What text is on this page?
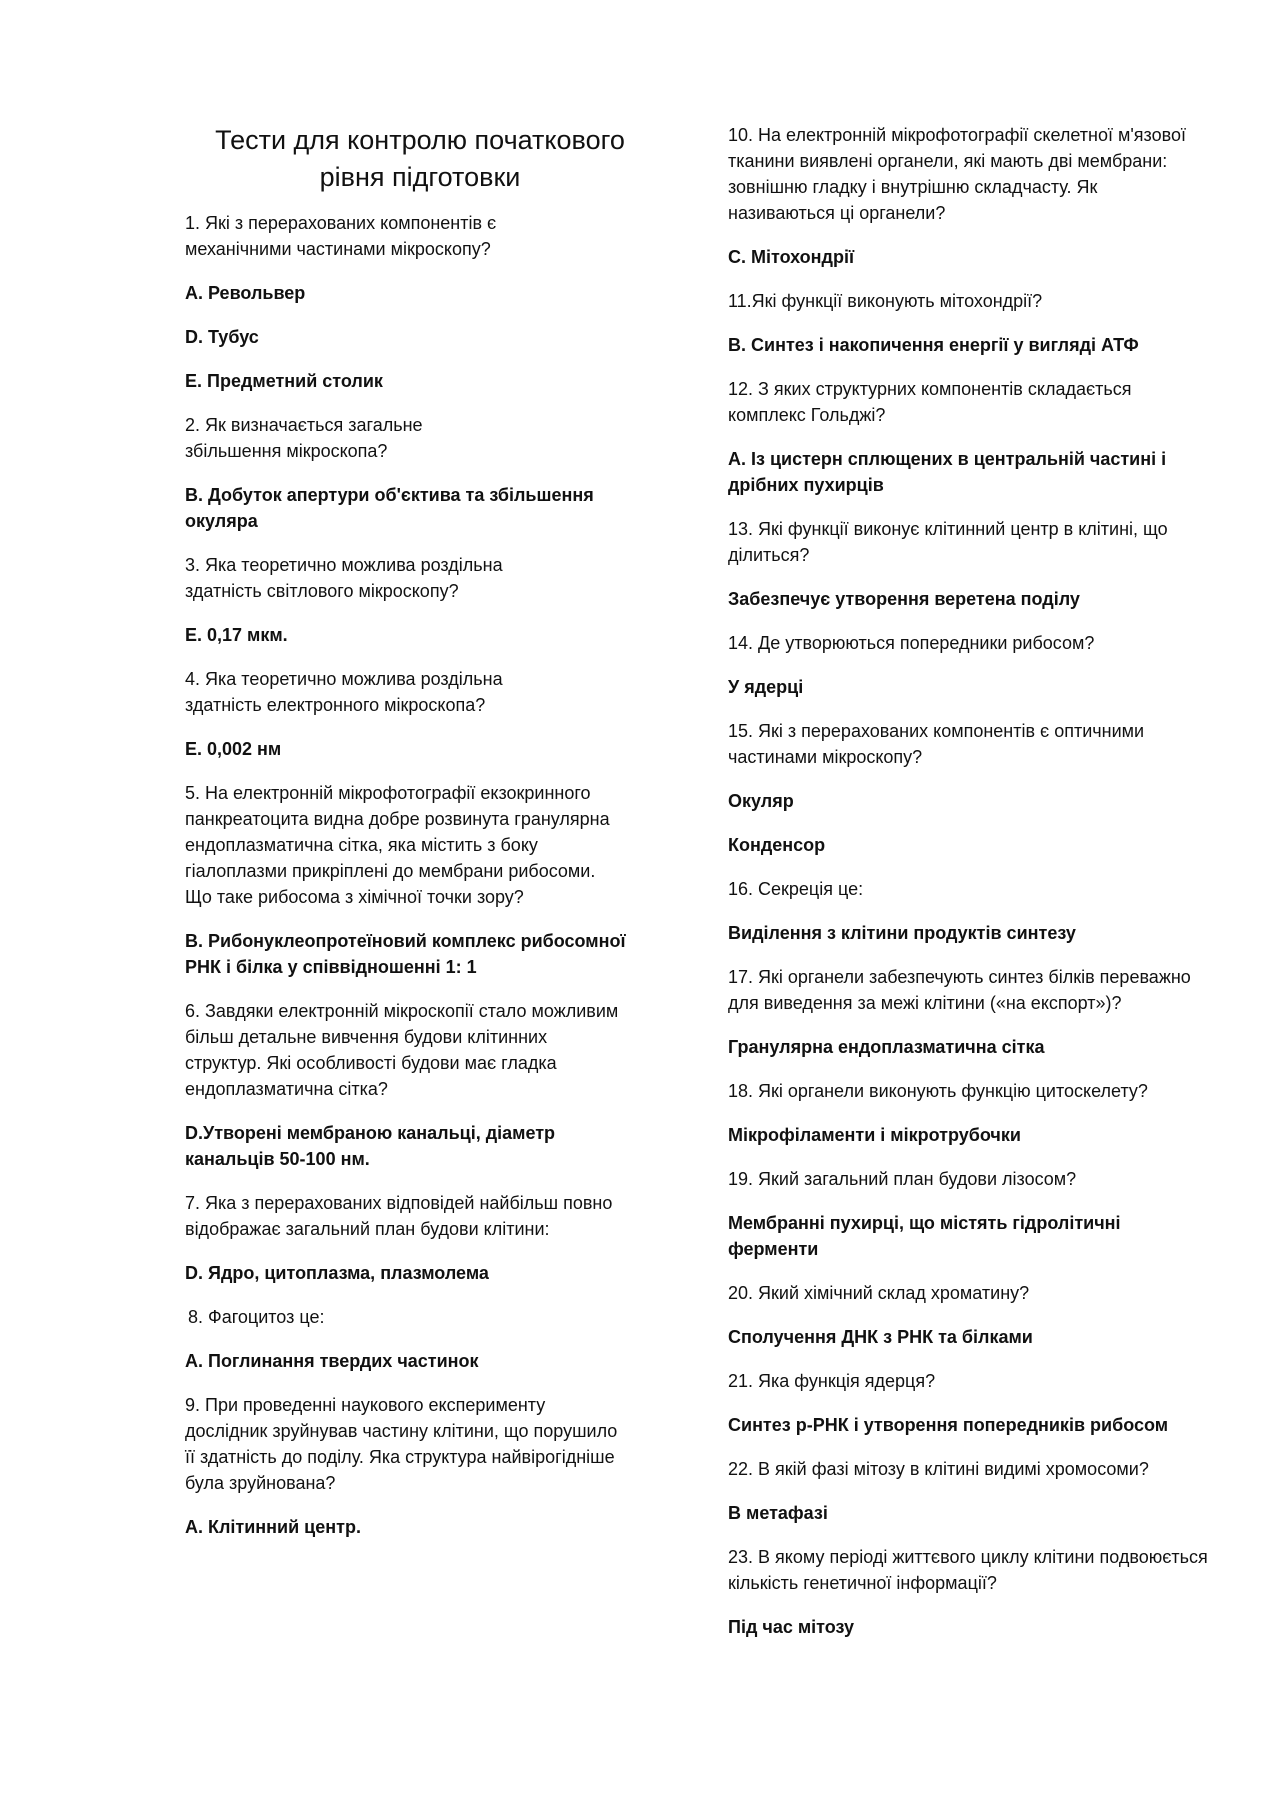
Тести для контролю початкового рівня підготовки
1. Які з перерахованих компонентів є механічними частинами мікроскопу?
A. Револьвер
D. Тубус
E. Предметний столик
2. Як визначається загальне збільшення мікроскопа?
B. Добуток апертури об'єктива та збільшення окуляра
3. Яка теоретично можлива роздільна здатність світлового мікроскопу?
E. 0,17 мкм.
4. Яка теоретично можлива роздільна здатність електронного мікроскопа?
E. 0,002 нм
5. На електронній мікрофотографії екзокринного панкреатоцита видна добре розвинута гранулярна ендоплазматична сітка, яка містить з боку гіалоплазми прикріплені до мембрани рибосоми. Що таке рибосома з хімічної точки зору?
B. Рибонуклеопротеїновий комплекс рибосомної РНК і білка у співвідношенні 1: 1
6. Завдяки електронній мікроскопії стало можливим більш детальне вивчення будови клітинних структур. Які особливості будови має гладка ендоплазматична сітка?
D.Утворені мембраною канальці, діаметр канальців 50-100 нм.
7. Яка з перерахованих відповідей найбільш повно відображає загальний план будови клітини:
D. Ядро, цитоплазма, плазмолема
8. Фагоцитоз це:
A. Поглинання твердих частинок
9. При проведенні наукового експерименту дослідник зруйнував частину клітини, що порушило її здатність до поділу. Яка структура найвірогідніше була зруйнована?
A. Клітинний центр.
10. На електронній мікрофотографії скелетної м'язової тканини виявлені органели, які мають дві мембрани: зовнішню гладку і внутрішню складчасту. Як називаються ці органели?
C. Мітохондрії
11.Які функції виконують мітохондрії?
B. Синтез і накопичення енергії у вигляді АТФ
12. З яких структурних компонентів складається комплекс Гольджі?
A. Із цистерн сплющених в центральній частині і дрібних пухирців
13. Які функції виконує клітинний центр в клітині, що ділиться?
Забезпечує утворення веретена поділу
14. Де утворюються попередники рибосом?
У ядерці
15. Які з перерахованих компонентів є оптичними частинами мікроскопу?
Окуляр
Конденсор
16. Секреція це:
Виділення з клітини продуктів синтезу
17. Які органели забезпечують синтез білків переважно для виведення за межі клітини («на експорт»)?
Гранулярна ендоплазматична сітка
18. Які органели виконують функцію цитоскелету?
Мікрофіламенти і мікротрубочки
19. Який загальний план будови лізосом?
Мембранні пухирці, що містять гідролітичні ферменти
20. Який хімічний склад хроматину?
Сполучення ДНК з РНК та білками
21. Яка функція ядерця?
Синтез р-РНК і утворення попередників рибосом
22. В якій фазі мітозу в клітині видимі хромосоми?
В метафазі
23. В якому періоді життєвого циклу клітини подвоюється кількість генетичної інформації?
Під час мітозу
